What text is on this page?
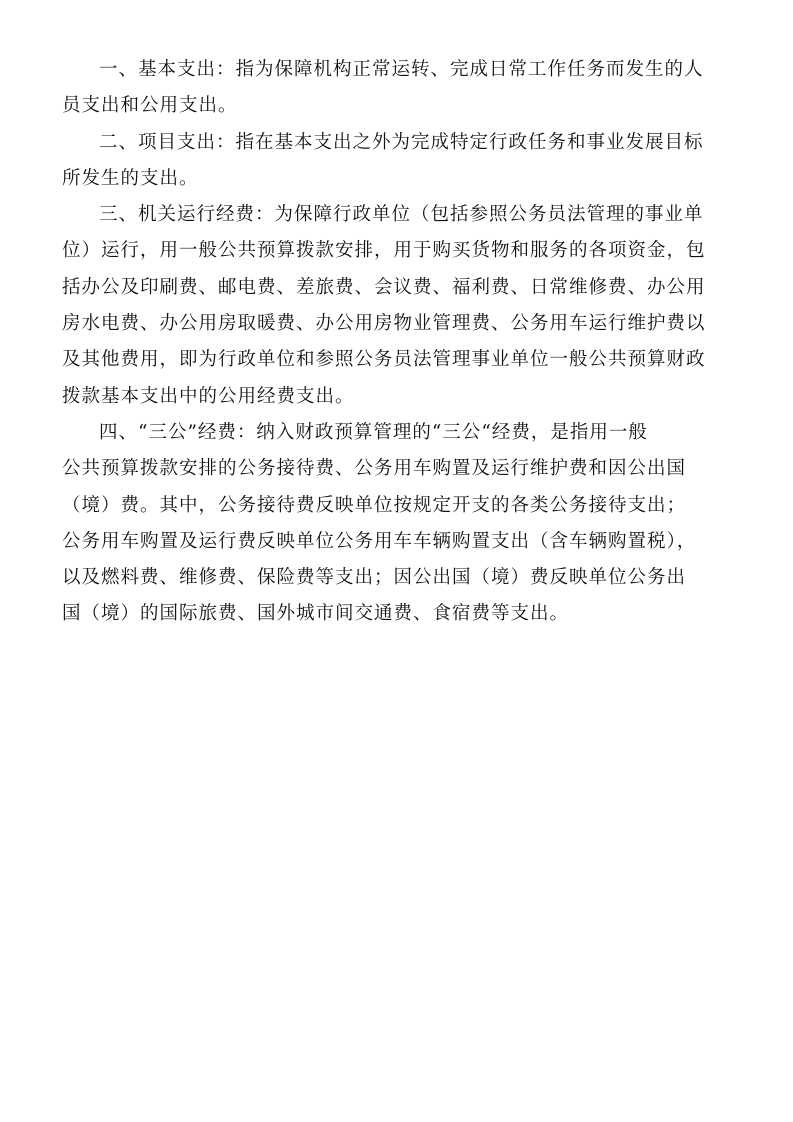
一、基本支出：指为保障机构正常运转、完成日常工作任务而发生的人
员支出和公用支出。

二、项目支出：指在基本支出之外为完成特定行政任务和事业发展目标
所发生的支出。

三、机关运行经费：为保障行政单位（包括参照公务员法管理的事业单
位）运行，用一般公共预算拨款安排，用于购买货物和服务的各项资金，包
括办公及印刷费、邮电费、差旅费、会议费、福利费、日常维修费、办公用
房水电费、办公用房取暖费、办公用房物业管理费、公务用车运行维护费以
及其他费用，即为行政单位和参照公务员法管理事业单位一般公共预算财政
拨款基本支出中的公用经费支出。

四、“三公”经费：纳入财政预算管理的“三公“经费，是指用一般
公共预算拨款安排的公务接待费、公务用车购置及运行维护费和因公出国
（境）费。其中，公务接待费反映单位按规定开支的各类公务接待支出；
公务用车购置及运行费反映单位公务用车车辆购置支出（含车辆购置税），
以及燃料费、维修费、保险费等支出；因公出国（境）费反映单位公务出
国（境）的国际旅费、国外城市间交通费、食宿费等支出。
